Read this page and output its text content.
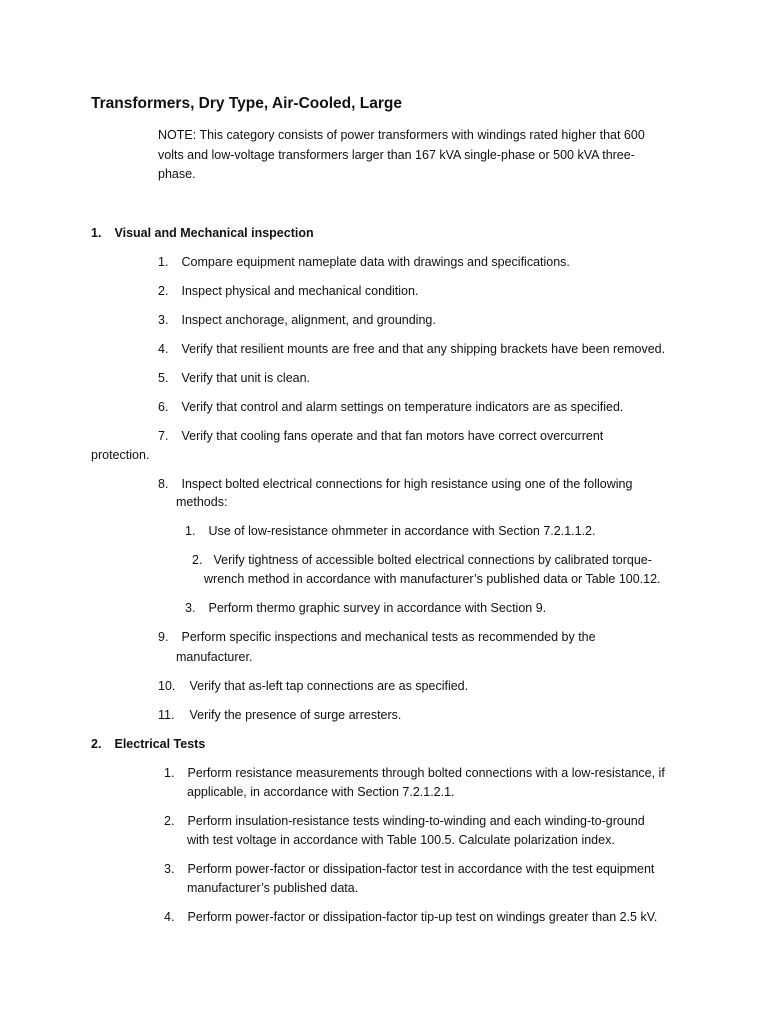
Transformers, Dry Type, Air-Cooled, Large
NOTE: This category consists of power transformers with windings rated higher that 600 volts and low-voltage transformers larger than 167 kVA single-phase or 500 kVA three-phase.
1. Visual and Mechanical inspection
1. Compare equipment nameplate data with drawings and specifications.
2. Inspect physical and mechanical condition.
3. Inspect anchorage, alignment, and grounding.
4. Verify that resilient mounts are free and that any shipping brackets have been removed.
5. Verify that unit is clean.
6. Verify that control and alarm settings on temperature indicators are as specified.
7. Verify that cooling fans operate and that fan motors have correct overcurrent
protection.
8. Inspect bolted electrical connections for high resistance using one of the following
methods:
1. Use of low-resistance ohmmeter in accordance with Section 7.2.1.1.2.
2. Verify tightness of accessible bolted electrical connections by calibrated torque-
wrench method in accordance with manufacturer’s published data or Table 100.12.
3. Perform thermo graphic survey in accordance with Section 9.
9. Perform specific inspections and mechanical tests as recommended by the
manufacturer.
10. Verify that as-left tap connections are as specified.
11. Verify the presence of surge arresters.
2. Electrical Tests
1. Perform resistance measurements through bolted connections with a low-resistance, if
applicable, in accordance with Section 7.2.1.2.1.
2. Perform insulation-resistance tests winding-to-winding and each winding-to-ground
with test voltage in accordance with Table 100.5. Calculate polarization index.
3. Perform power-factor or dissipation-factor test in accordance with the test equipment
manufacturer’s published data.
4. Perform power-factor or dissipation-factor tip-up test on windings greater than 2.5 kV.
